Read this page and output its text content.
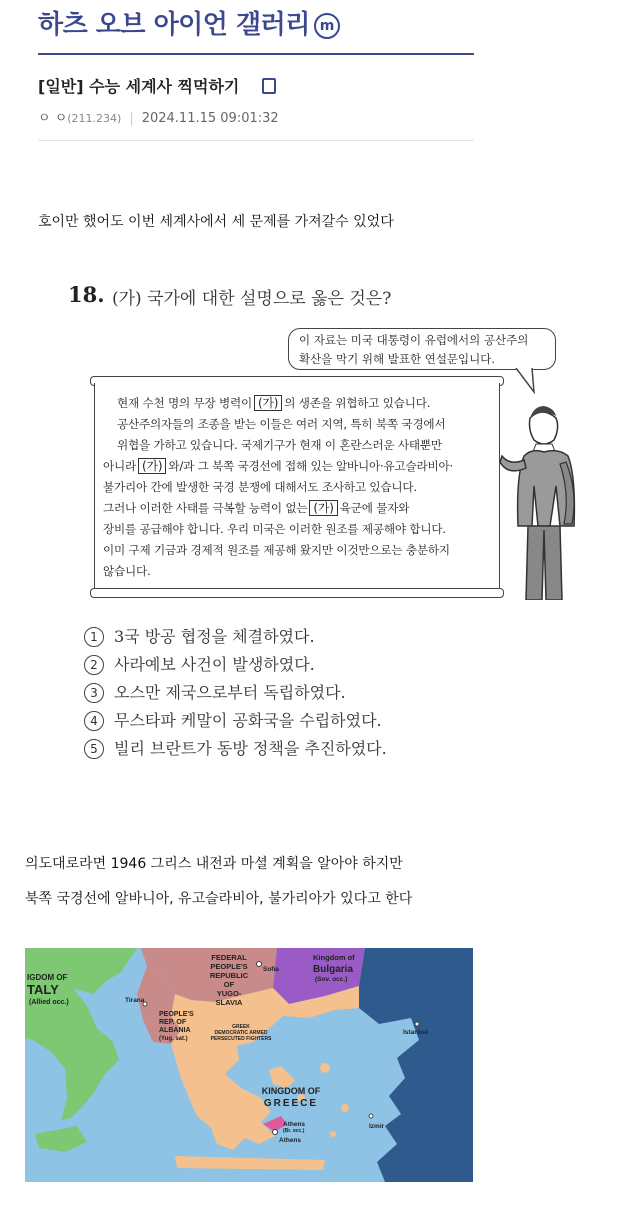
하츠 오브 아이언 갤러리 m
[일반] 수능 세계사 찍먹하기
ㅇ ㅇ(211.234) | 2024.11.15 09:01:32
호이만 했어도 이번 세계사에서 세 문제를 가져갈수 있었다
18. (가) 국가에 대한 설명으로 옳은 것은?
이 자료는 미국 대통령이 유럽에서의 공산주의
확산을 막기 위해 발표한 연설문입니다.
현재 수천 명의 무장 병력이 (가) 의 생존을 위협하고 있습니다.
공산주의자들의 조종을 받는 이들은 여러 지역, 특히 북쪽 국경에서
위협을 가하고 있습니다. 국제기구가 현재 이 혼란스러운 사태뿐만
아니라 (가) 와/과 그 북쪽 국경선에 접해 있는 알바니아·유고슬라비아·
불가리아 간에 발생한 국경 분쟁에 대해서도 조사하고 있습니다.
그러나 이러한 사태를 극복할 능력이 없는 (가) 육군에 물자와
장비를 공급해야 합니다. 우리 미국은 이러한 원조를 제공해야 합니다.
이미 구제 기금과 경제적 원조를 제공해 왔지만 이것만으로는 충분하지
않습니다.
1 3국 방공 협정을 체결하였다.
2 사라예보 사건이 발생하였다.
3 오스만 제국으로부터 독립하였다.
4 무스타파 케말이 공화국을 수립하였다.
5 빌리 브란트가 동방 정책을 추진하였다.
의도대로라면 1946 그리스 내전과 마셜 계획을 알아야 하지만
북쪽 국경선에 알바니아, 유고슬라비아, 불가리아가 있다고 한다
IGDOM OF
TALY
(Allied occ.)
FEDERAL
PEOPLE'S
REPUBLIC
OF
YUGO-
SLAVIA
PEOPLE'S
REP. OF
ALBANIA
(Yug. sat.)
Kingdom of
Bulgaria
(Sov. occ.)
GREEK
DEMOCRATIC ARMED
PERSECUTED FIGHTERS
KINGDOM OF
GREECE
Tirana
Sofia
Istanbul
Izmir
Athens
(Br. occ.)
Athens
